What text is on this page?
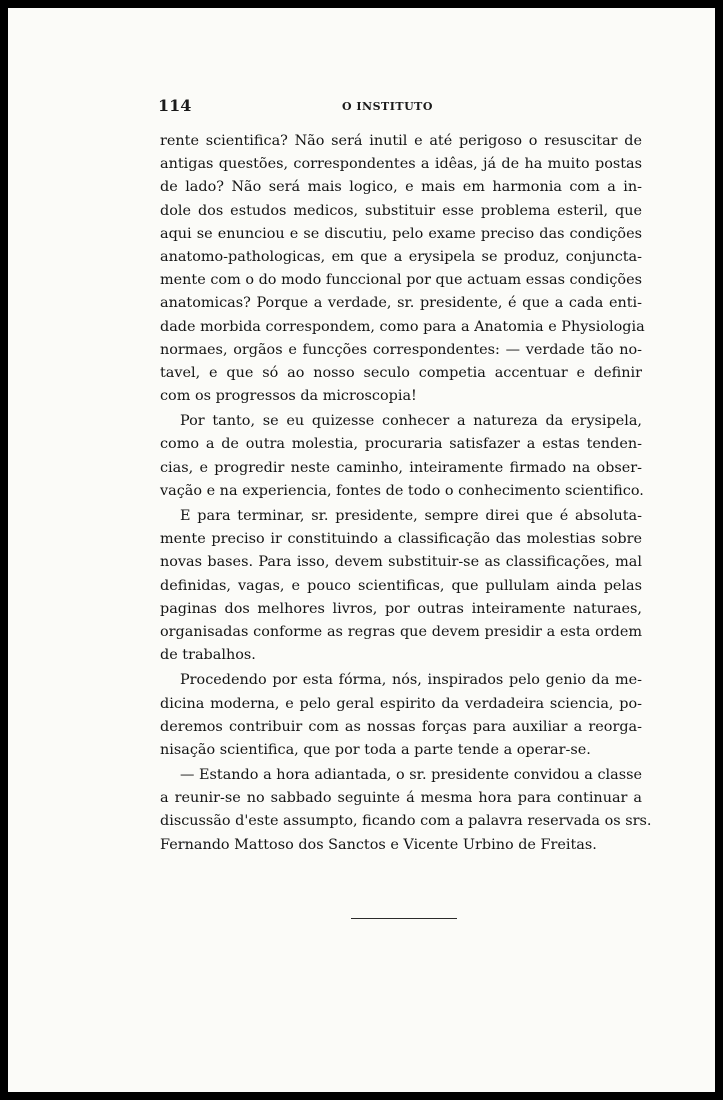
114	O INSTITUTO
rente scientifica? Não será inutil e até perigoso o resuscitar de
antigas questões, correspondentes a idêas, já de ha muito postas
de lado? Não será mais logico, e mais em harmonia com a in-
dole dos estudos medicos, substituir esse problema esteril, que
aqui se enunciou e se discutiu, pelo exame preciso das condições
anatomo-pathologicas, em que a erysipela se produz, conjuncta-
mente com o do modo funccional por que actuam essas condições
anatomicas? Porque a verdade, sr. presidente, é que a cada enti-
dade morbida correspondem, como para a Anatomia e Physiologia
normaes, orgãos e funcções correspondentes: — verdade tão no-
tavel, e que só ao nosso seculo competia accentuar e definir
com os progressos da microscopia!
Por tanto, se eu quizesse conhecer a natureza da erysipela,
como a de outra molestia, procuraria satisfazer a estas tenden-
cias, e progredir neste caminho, inteiramente firmado na obser-
vação e na experiencia, fontes de todo o conhecimento scientifico.
E para terminar, sr. presidente, sempre direi que é absoluta-
mente preciso ir constituindo a classificação das molestias sobre
novas bases. Para isso, devem substituir-se as classificações, mal
definidas, vagas, e pouco scientificas, que pullulam ainda pelas
paginas dos melhores livros, por outras inteiramente naturaes,
organisadas conforme as regras que devem presidir a esta ordem
de trabalhos.
Procedendo por esta fórma, nós, inspirados pelo genio da me-
dicina moderna, e pelo geral espirito da verdadeira sciencia, po-
deremos contribuir com as nossas forças para auxiliar a reorga-
nisação scientifica, que por toda a parte tende a operar-se.
— Estando a hora adiantada, o sr. presidente convidou a classe
a reunir-se no sabbado seguinte á mesma hora para continuar a
discussão d'este assumpto, ficando com a palavra reservada os srs.
Fernando Mattoso dos Sanctos e Vicente Urbino de Freitas.
